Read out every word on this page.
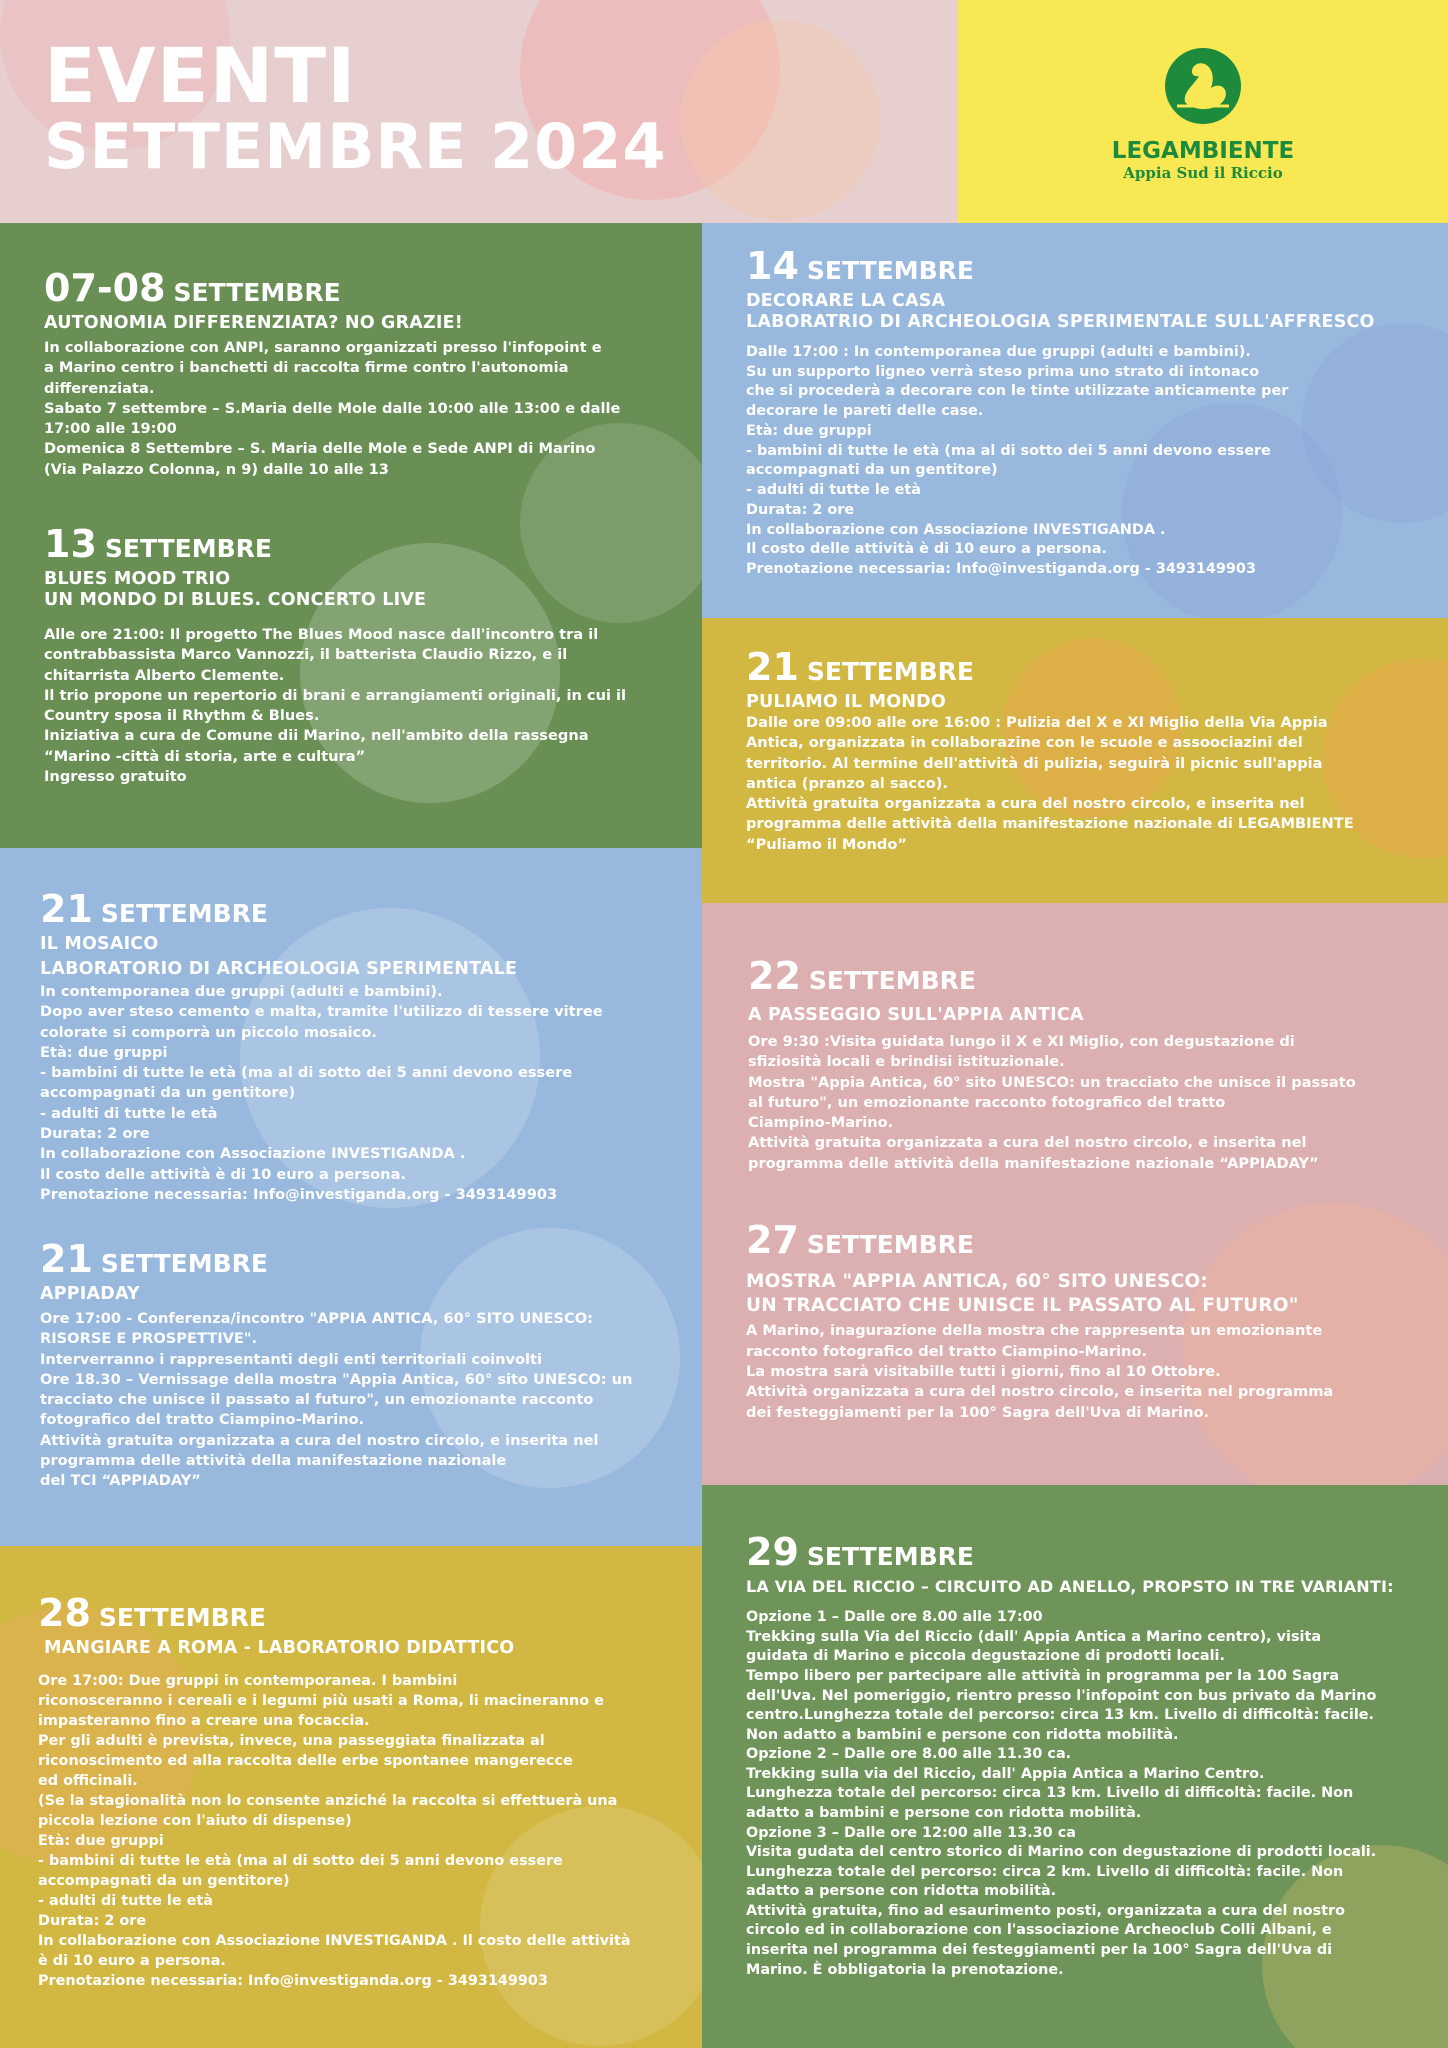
EVENTI
SETTEMBRE 2024	LEGAMBIENTE
Appia Sud il Riccio
07-08 SETTEMBRE
AUTONOMIA DIFFERENZIATA? NO GRAZIE!
In collaborazione con ANPI, saranno organizzati presso l'infopoint e
a Marino centro i banchetti di raccolta firme contro l'autonomia
differenziata.
Sabato 7 settembre – S.Maria delle Mole dalle 10:00 alle 13:00 e dalle
17:00 alle 19:00
Domenica 8 Settembre – S. Maria delle Mole e Sede ANPI di Marino
(Via Palazzo Colonna, n 9) dalle 10 alle 13
13 SETTEMBRE
BLUES MOOD TRIO
UN MONDO DI BLUES. CONCERTO LIVE
Alle ore 21:00: Il progetto The Blues Mood nasce dall'incontro tra il
contrabbassista Marco Vannozzi, il batterista Claudio Rizzo, e il
chitarrista Alberto Clemente.
Il trio propone un repertorio di brani e arrangiamenti originali, in cui il
Country sposa il Rhythm & Blues.
Iniziativa a cura de Comune dii Marino, nell'ambito della rassegna
“Marino -città di storia, arte e cultura”
Ingresso gratuito
21 SETTEMBRE
IL MOSAICO
LABORATORIO DI ARCHEOLOGIA SPERIMENTALE
In contemporanea due gruppi (adulti e bambini).
Dopo aver steso cemento e malta, tramite l'utilizzo di tessere vitree
colorate si comporrà un piccolo mosaico.
Età: due gruppi
- bambini di tutte le età (ma al di sotto dei 5 anni devono essere
accompagnati da un gentitore)
- adulti di tutte le età
Durata: 2 ore
In collaborazione con Associazione INVESTIGANDA .
Il costo delle attività è di 10 euro a persona.
Prenotazione necessaria: Info@investiganda.org - 3493149903
21 SETTEMBRE
APPIADAY
Ore 17:00 - Conferenza/incontro "APPIA ANTICA, 60° SITO UNESCO:
RISORSE E PROSPETTIVE".
Interverranno i rappresentanti degli enti territoriali coinvolti
Ore 18.30 – Vernissage della mostra "Appia Antica, 60° sito UNESCO: un
tracciato che unisce il passato al futuro", un emozionante racconto
fotografico del tratto Ciampino-Marino.
Attività gratuita organizzata a cura del nostro circolo, e inserita nel
programma delle attività della manifestazione nazionale
del TCI “APPIADAY”
28 SETTEMBRE
MANGIARE A ROMA - LABORATORIO DIDATTICO
Ore 17:00: Due gruppi in contemporanea. I bambini
riconosceranno i cereali e i legumi più usati a Roma, li macineranno e
impasteranno fino a creare una focaccia.
Per gli adulti è prevista, invece, una passeggiata finalizzata al
riconoscimento ed alla raccolta delle erbe spontanee mangerecce
ed officinali.
(Se la stagionalità non lo consente anziché la raccolta si effettuerà una
piccola lezione con l'aiuto di dispense)
Età: due gruppi
- bambini di tutte le età (ma al di sotto dei 5 anni devono essere
accompagnati da un gentitore)
- adulti di tutte le età
Durata: 2 ore
In collaborazione con Associazione INVESTIGANDA . Il costo delle attività
è di 10 euro a persona.
Prenotazione necessaria: Info@investiganda.org - 3493149903
14 SETTEMBRE
DECORARE LA CASA
LABORATRIO DI ARCHEOLOGIA SPERIMENTALE SULL'AFFRESCO
Dalle 17:00 : In contemporanea due gruppi (adulti e bambini).
Su un supporto ligneo verrà steso prima uno strato di intonaco
che si procederà a decorare con le tinte utilizzate anticamente per
decorare le pareti delle case.
Età: due gruppi
- bambini di tutte le età (ma al di sotto dei 5 anni devono essere
accompagnati da un gentitore)
- adulti di tutte le età
Durata: 2 ore
In collaborazione con Associazione INVESTIGANDA .
Il costo delle attività è di 10 euro a persona.
Prenotazione necessaria: Info@investiganda.org - 3493149903
21 SETTEMBRE
PULIAMO IL MONDO
Dalle ore 09:00 alle ore 16:00 : Pulizia del X e XI Miglio della Via Appia
Antica, organizzata in collaborazine con le scuole e assoociazini del
territorio. Al termine dell'attività di pulizia, seguirà il picnic sull'appia
antica (pranzo al sacco).
Attività gratuita organizzata a cura del nostro circolo, e inserita nel
programma delle attività della manifestazione nazionale di LEGAMBIENTE
“Puliamo il Mondo”
22 SETTEMBRE
A PASSEGGIO SULL'APPIA ANTICA
Ore 9:30 :Visita guidata lungo il X e XI Miglio, con degustazione di
sfiziosità locali e brindisi istituzionale.
Mostra "Appia Antica, 60° sito UNESCO: un tracciato che unisce il passato
al futuro", un emozionante racconto fotografico del tratto
Ciampino-Marino.
Attività gratuita organizzata a cura del nostro circolo, e inserita nel
programma delle attività della manifestazione nazionale “APPIADAY”
27 SETTEMBRE
MOSTRA "APPIA ANTICA, 60° SITO UNESCO:
UN TRACCIATO CHE UNISCE IL PASSATO AL FUTURO"
A Marino, inagurazione della mostra che rappresenta un emozionante
racconto fotografico del tratto Ciampino-Marino.
La mostra sarà visitabille tutti i giorni, fino al 10 Ottobre.
Attività organizzata a cura del nostro circolo, e inserita nel programma
dei festeggiamenti per la 100° Sagra dell'Uva di Marino.
29 SETTEMBRE
LA VIA DEL RICCIO – CIRCUITO AD ANELLO, PROPSTO IN TRE VARIANTI:
Opzione 1 – Dalle ore 8.00 alle 17:00
Trekking sulla Via del Riccio (dall' Appia Antica a Marino centro), visita
guidata di Marino e piccola degustazione di prodotti locali.
Tempo libero per partecipare alle attività in programma per la 100 Sagra
dell'Uva. Nel pomeriggio, rientro presso l'infopoint con bus privato da Marino
centro.Lunghezza totale del percorso: circa 13 km. Livello di difficoltà: facile.
Non adatto a bambini e persone con ridotta mobilità.
Opzione 2 – Dalle ore 8.00 alle 11.30 ca.
Trekking sulla via del Riccio, dall' Appia Antica a Marino Centro.
Lunghezza totale del percorso: circa 13 km. Livello di difficoltà: facile. Non
adatto a bambini e persone con ridotta mobilità.
Opzione 3 – Dalle ore 12:00 alle 13.30 ca
Visita gudata del centro storico di Marino con degustazione di prodotti locali.
Lunghezza totale del percorso: circa 2 km. Livello di difficoltà: facile. Non
adatto a persone con ridotta mobilità.
Attività gratuita, fino ad esaurimento posti, organizzata a cura del nostro
circolo ed in collaborazione con l'associazione Archeoclub Colli Albani, e
inserita nel programma dei festeggiamenti per la 100° Sagra dell'Uva di
Marino. È obbligatoria la prenotazione.
